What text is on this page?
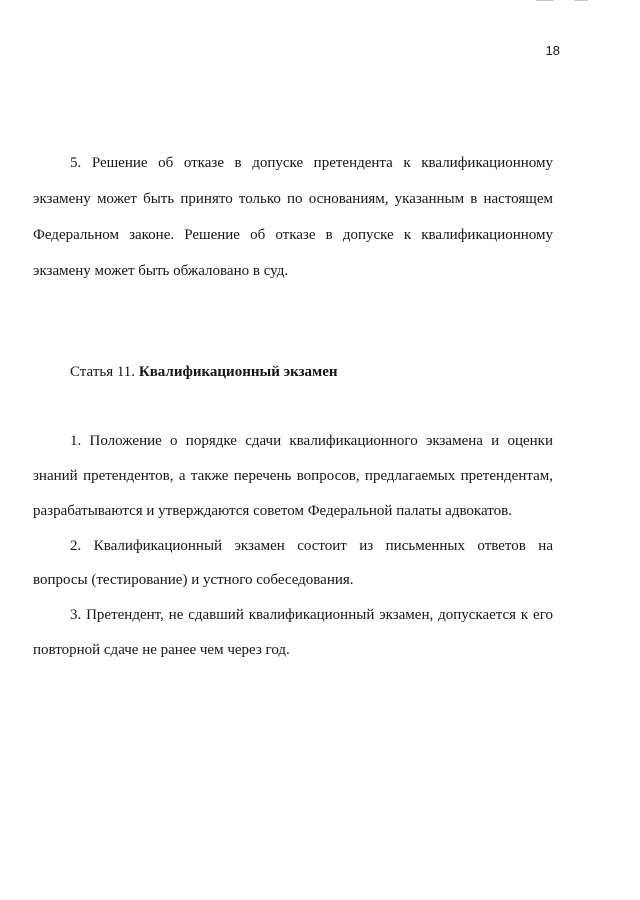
18
5. Решение об отказе в допуске претендента к квалификационному
экзамену может быть принято только по основаниям, указанным в настоящем
Федеральном законе. Решение об отказе в допуске к квалификационному
экзамену может быть обжаловано в суд.
Статья 11. Квалификационный экзамен
1. Положение о порядке сдачи квалификационного экзамена и оценки
знаний претендентов, а также перечень вопросов, предлагаемых претендентам,
разрабатываются и утверждаются советом Федеральной палаты адвокатов.
2. Квалификационный экзамен состоит из письменных ответов на
вопросы (тестирование) и устного собеседования.
3. Претендент, не сдавший квалификационный экзамен, допускается к его
повторной сдаче не ранее чем через год.
